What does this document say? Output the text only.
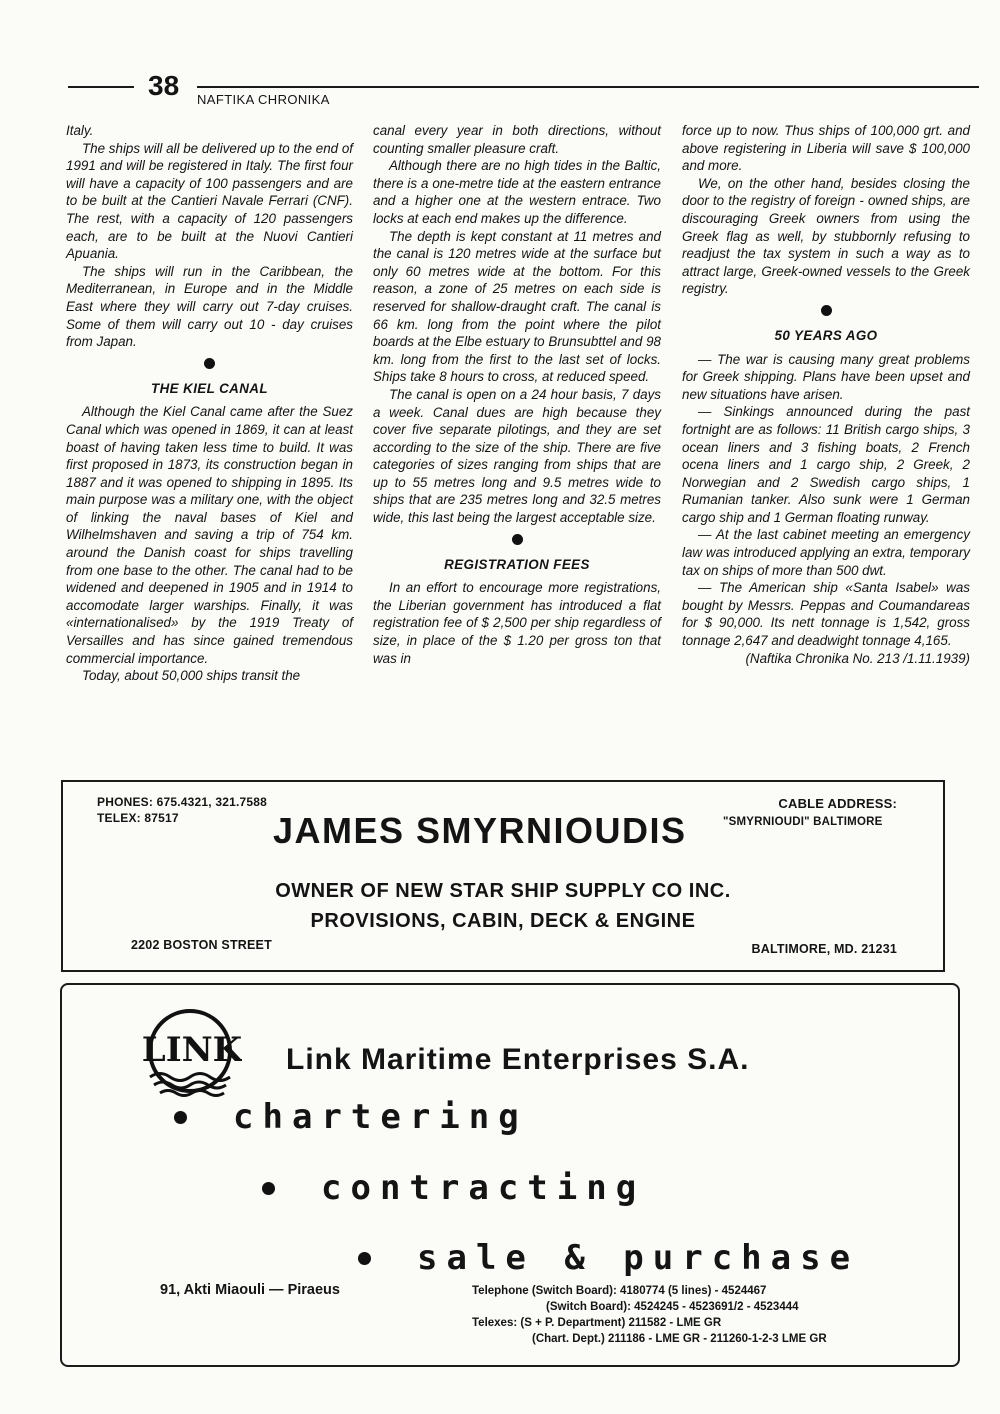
38 NAFTIKA CHRONIKA

Italy.

The ships will all be delivered up to the end of 1991 and will be registered in Italy. The first four will have a capacity of 100 passengers and are to be built at the Cantieri Navale Ferrari (CNF). The rest, with a capacity of 120 passengers each, are to be built at the Nuovi Cantieri Apuania.

The ships will run in the Caribbean, the Mediterranean, in Europe and in the Middle East where they will carry out 7-day cruises. Some of them will carry out 10 - day cruises from Japan.

THE KIEL CANAL

Although the Kiel Canal came after the Suez Canal which was opened in 1869, it can at least boast of having taken less time to build. It was first proposed in 1873, its construction began in 1887 and it was opened to shipping in 1895. Its main purpose was a military one, with the object of linking the naval bases of Kiel and Wilhelmshaven and saving a trip of 754 km. around the Danish coast for ships travelling from one base to the other. The canal had to be widened and deepened in 1905 and in 1914 to accomodate larger warships. Finally, it was «internationalised» by the 1919 Treaty of Versailles and has since gained tremendous commercial importance.

Today, about 50,000 ships transit the

canal every year in both directions, without counting smaller pleasure craft.

Although there are no high tides in the Baltic, there is a one-metre tide at the eastern entrance and a higher one at the western entrace. Two locks at each end makes up the difference.

The depth is kept constant at 11 metres and the canal is 120 metres wide at the surface but only 60 metres wide at the bottom. For this reason, a zone of 25 metres on each side is reserved for shallow-draught craft. The canal is 66 km. long from the point where the pilot boards at the Elbe estuary to Brunsubttel and 98 km. long from the first to the last set of locks. Ships take 8 hours to cross, at reduced speed.

The canal is open on a 24 hour basis, 7 days a week. Canal dues are high because they cover five separate pilotings, and they are set according to the size of the ship. There are five categories of sizes ranging from ships that are up to 55 metres long and 9.5 metres wide to ships that are 235 metres long and 32.5 metres wide, this last being the largest acceptable size.

REGISTRATION FEES

In an effort to encourage more registrations, the Liberian government has introduced a flat registration fee of $ 2,500 per ship regardless of size, in place of the $ 1.20 per gross ton that was in

force up to now. Thus ships of 100,000 grt. and above registering in Liberia will save $ 100,000 and more.

We, on the other hand, besides closing the door to the registry of foreign - owned ships, are discouraging Greek owners from using the Greek flag as well, by stubbornly refusing to readjust the tax system in such a way as to attract large, Greek-owned vessels to the Greek registry.

50 YEARS AGO

— The war is causing many great problems for Greek shipping. Plans have been upset and new situations have arisen.

— Sinkings announced during the past fortnight are as follows: 11 British cargo ships, 3 ocean liners and 3 fishing boats, 2 French ocena liners and 1 cargo ship, 2 Greek, 2 Norwegian and 2 Swedish cargo ships, 1 Rumanian tanker. Also sunk were 1 German cargo ship and 1 German floating runway.

— At the last cabinet meeting an emergency law was introduced applying an extra, temporary tax on ships of more than 500 dwt.

— The American ship «Santa Isabel» was bought by Messrs. Peppas and Coumandareas for $ 90,000. Its nett tonnage is 1,542, gross tonnage 2,647 and deadwight tonnage 4,165.

(Naftika Chronika No. 213 /1.11.1939)

PHONES: 675.4321, 321.7588
TELEX: 87517
CABLE ADDRESS:
"SMYRNIOUDI" BALTIMORE
JAMES SMYRNIOUDIS
OWNER OF NEW STAR SHIP SUPPLY CO INC.
PROVISIONS, CABIN, DECK & ENGINE
2202 BOSTON STREET	BALTIMORE, MD. 21231
LINK Link Maritime Enterprises S.A.
chartering
contracting
sale & purchase
91, Akti Miaouli — Piraeus	Telephone (Switch Board): 4180774 (5 lines) - 4524467
(Switch Board): 4524245 - 4523691/2 - 4523444
Telexes: (S + P. Department) 211582 - LME GR
(Chart. Dept.) 211186 - LME GR - 211260-1-2-3 LME GR
